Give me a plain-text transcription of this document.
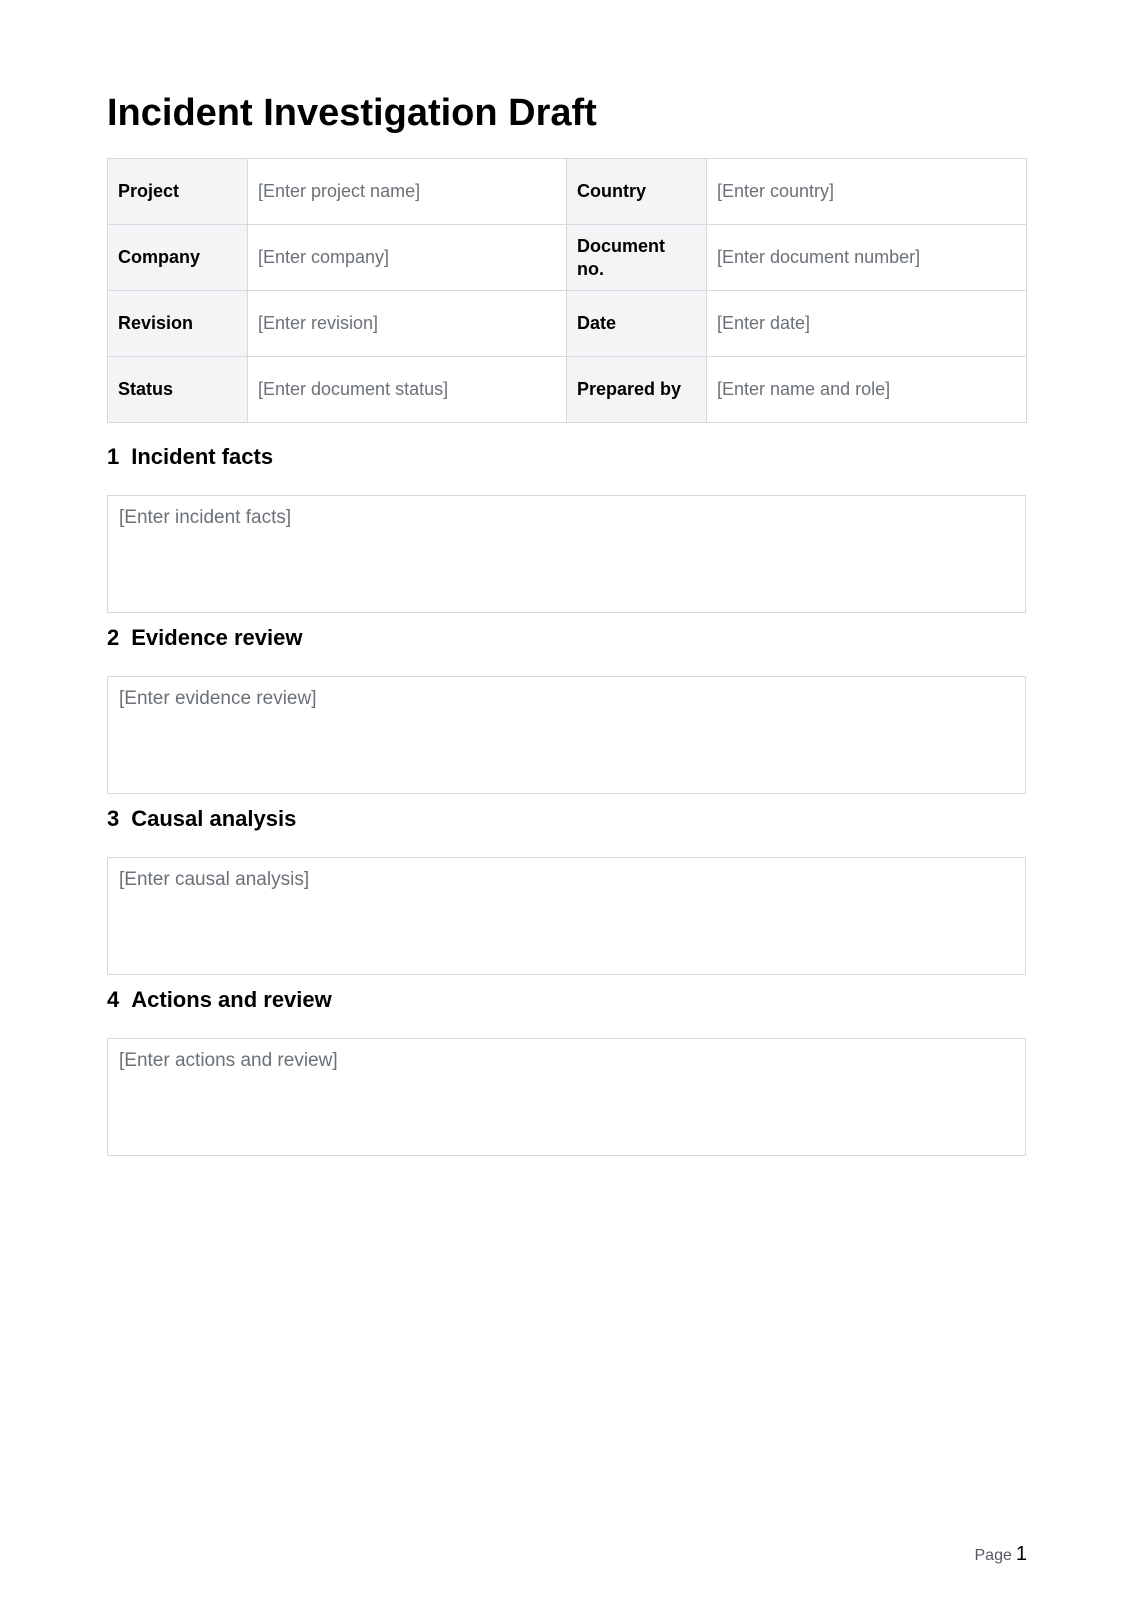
Incident Investigation Draft
Project	[Enter project name]	Country	[Enter country]
Company	[Enter company]	Document no.	[Enter document number]
Revision	[Enter revision]	Date	[Enter date]
Status	[Enter document status]	Prepared by	[Enter name and role]
1 Incident facts
[Enter incident facts]
2 Evidence review
[Enter evidence review]
3 Causal analysis
[Enter causal analysis]
4 Actions and review
[Enter actions and review]
Page 1
